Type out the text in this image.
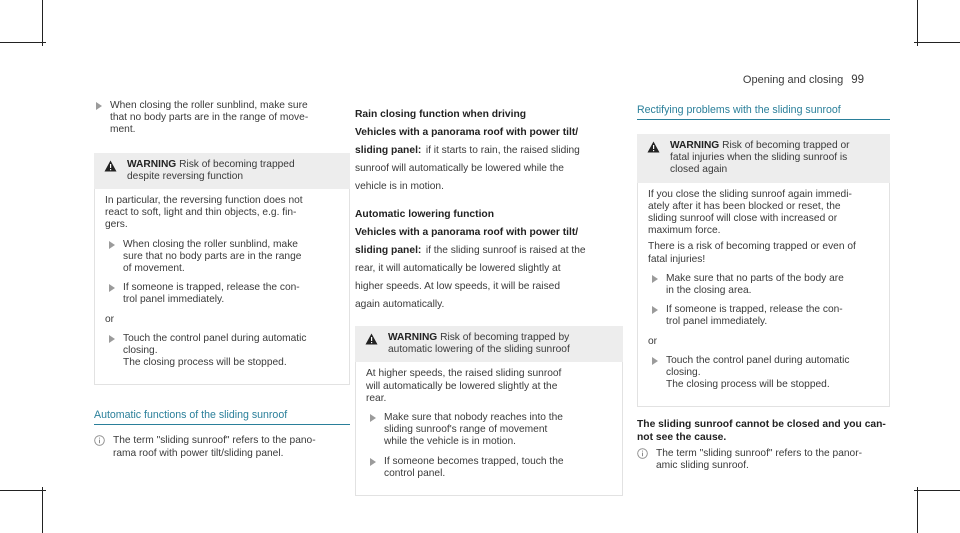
Opening and closing 99
When closing the roller sunblind, make sure
that no body parts are in the range of move-
ment.
WARNING Risk of becoming trapped
despite reversing function

In particular, the reversing function does not
react to soft, light and thin objects, e.g. fin-
gers.

When closing the roller sunblind, make
sure that no body parts are in the range
of movement.
If someone is trapped, release the con-
trol panel immediately.

or

Touch the control panel during automatic
closing.
The closing process will be stopped.
Automatic functions of the sliding sunroof
The term "sliding sunroof" refers to the pano-
rama roof with power tilt/sliding panel.
Rain closing function when driving
Vehicles with a panorama roof with power tilt/
sliding panel: if it starts to rain, the raised sliding
sunroof will automatically be lowered while the
vehicle is in motion.
Automatic lowering function
Vehicles with a panorama roof with power tilt/
sliding panel: if the sliding sunroof is raised at the
rear, it will automatically be lowered slightly at
higher speeds. At low speeds, it will be raised
again automatically.
WARNING Risk of becoming trapped by
automatic lowering of the sliding sunroof

At higher speeds, the raised sliding sunroof
will automatically be lowered slightly at the
rear.

Make sure that nobody reaches into the
sliding sunroof's range of movement
while the vehicle is in motion.
If someone becomes trapped, touch the
control panel.
Rectifying problems with the sliding sunroof
WARNING Risk of becoming trapped or
fatal injuries when the sliding sunroof is
closed again

If you close the sliding sunroof again immedi-
ately after it has been blocked or reset, the
sliding sunroof will close with increased or
maximum force.

There is a risk of becoming trapped or even of
fatal injuries!

Make sure that no parts of the body are
in the closing area.
If someone is trapped, release the con-
trol panel immediately.

or

Touch the control panel during automatic
closing.
The closing process will be stopped.
The sliding sunroof cannot be closed and you can-
not see the cause.
The term "sliding sunroof" refers to the panor-
amic sliding sunroof.
